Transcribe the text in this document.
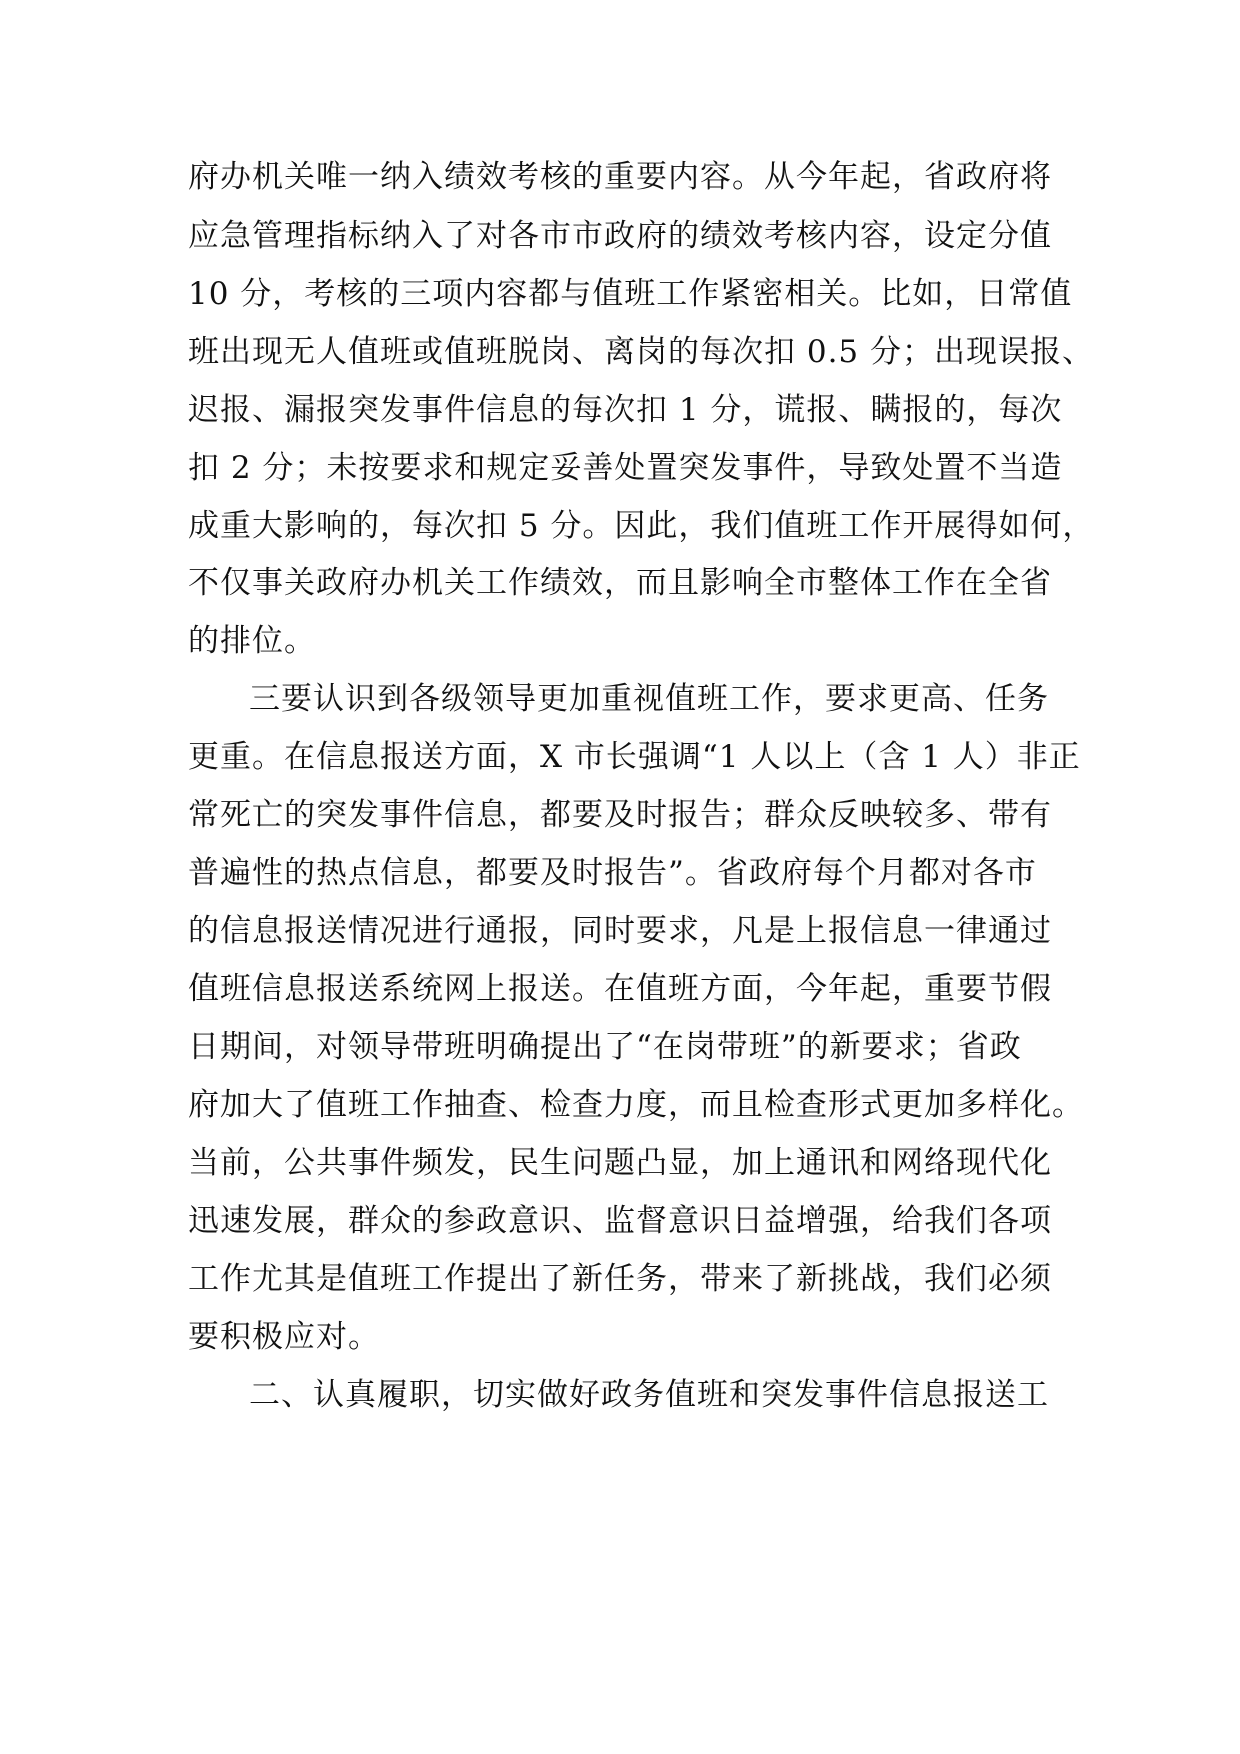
府办机关唯一纳入绩效考核的重要内容。从今年起，省政府将
应急管理指标纳入了对各市市政府的绩效考核内容，设定分值
10 分，考核的三项内容都与值班工作紧密相关。比如，日常值
班出现无人值班或值班脱岗、离岗的每次扣 0.5 分；出现误报、
迟报、漏报突发事件信息的每次扣 1 分，谎报、瞒报的，每次
扣 2 分；未按要求和规定妥善处置突发事件，导致处置不当造
成重大影响的，每次扣 5 分。因此，我们值班工作开展得如何，
不仅事关政府办机关工作绩效，而且影响全市整体工作在全省
的排位。
三要认识到各级领导更加重视值班工作，要求更高、任务
更重。在信息报送方面，X 市长强调“1 人以上（含 1 人）非正
常死亡的突发事件信息，都要及时报告；群众反映较多、带有
普遍性的热点信息，都要及时报告”。省政府每个月都对各市
的信息报送情况进行通报，同时要求，凡是上报信息一律通过
值班信息报送系统网上报送。在值班方面，今年起，重要节假
日期间，对领导带班明确提出了“在岗带班”的新要求；省政
府加大了值班工作抽查、检查力度，而且检查形式更加多样化。
当前，公共事件频发，民生问题凸显，加上通讯和网络现代化
迅速发展，群众的参政意识、监督意识日益增强，给我们各项
工作尤其是值班工作提出了新任务，带来了新挑战，我们必须
要积极应对。
二、认真履职，切实做好政务值班和突发事件信息报送工
